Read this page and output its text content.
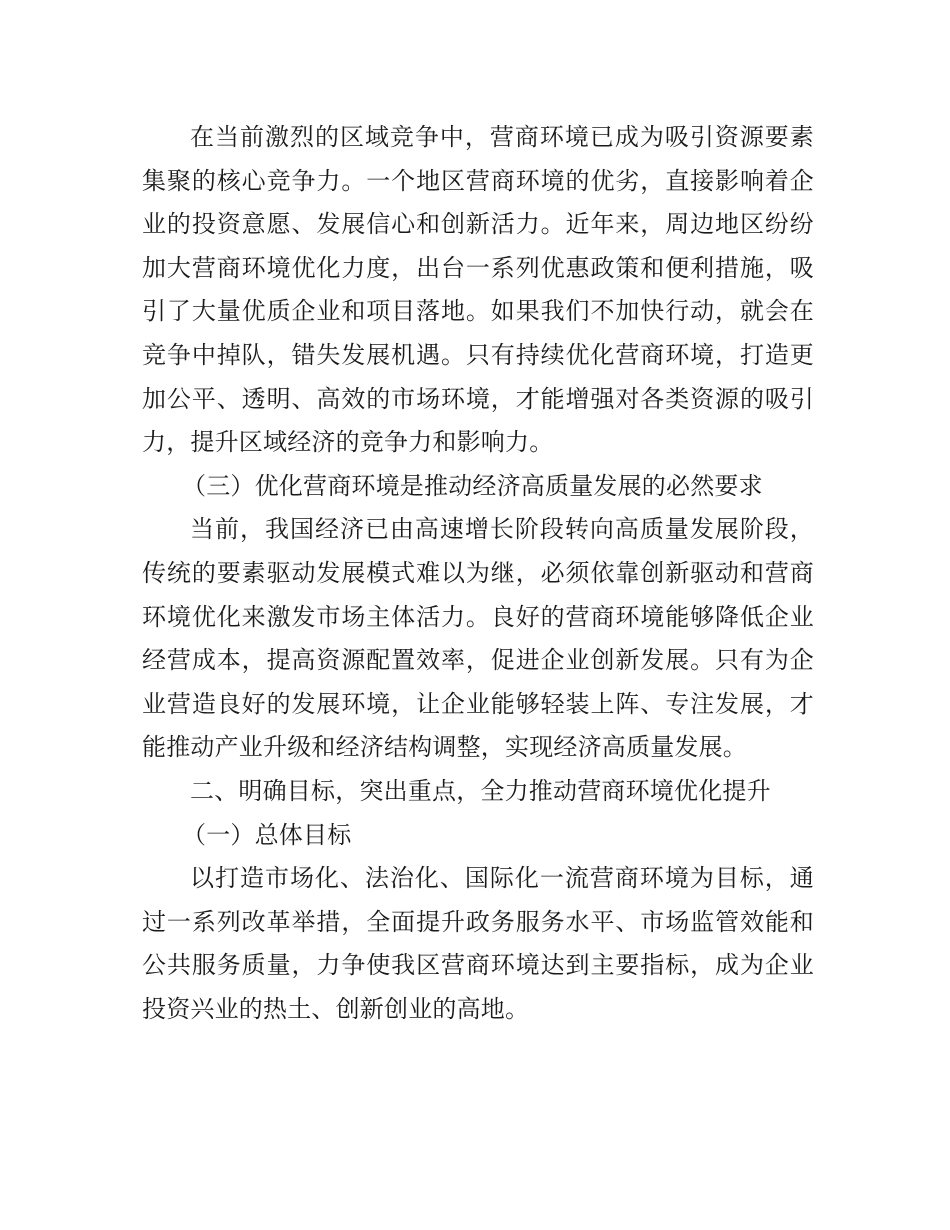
在当前激烈的区域竞争中，营商环境已成为吸引资源要素集聚的核心竞争力。一个地区营商环境的优劣，直接影响着企业的投资意愿、发展信心和创新活力。近年来，周边地区纷纷加大营商环境优化力度，出台一系列优惠政策和便利措施，吸引了大量优质企业和项目落地。如果我们不加快行动，就会在竞争中掉队，错失发展机遇。只有持续优化营商环境，打造更加公平、透明、高效的市场环境，才能增强对各类资源的吸引力，提升区域经济的竞争力和影响力。

（三）优化营商环境是推动经济高质量发展的必然要求

当前，我国经济已由高速增长阶段转向高质量发展阶段，传统的要素驱动发展模式难以为继，必须依靠创新驱动和营商环境优化来激发市场主体活力。良好的营商环境能够降低企业经营成本，提高资源配置效率，促进企业创新发展。只有为企业营造良好的发展环境，让企业能够轻装上阵、专注发展，才能推动产业升级和经济结构调整，实现经济高质量发展。

二、明确目标，突出重点，全力推动营商环境优化提升

（一）总体目标

以打造市场化、法治化、国际化一流营商环境为目标，通过一系列改革举措，全面提升政务服务水平、市场监管效能和公共服务质量，力争使我区营商环境达到主要指标，成为企业投资兴业的热土、创新创业的高地。
